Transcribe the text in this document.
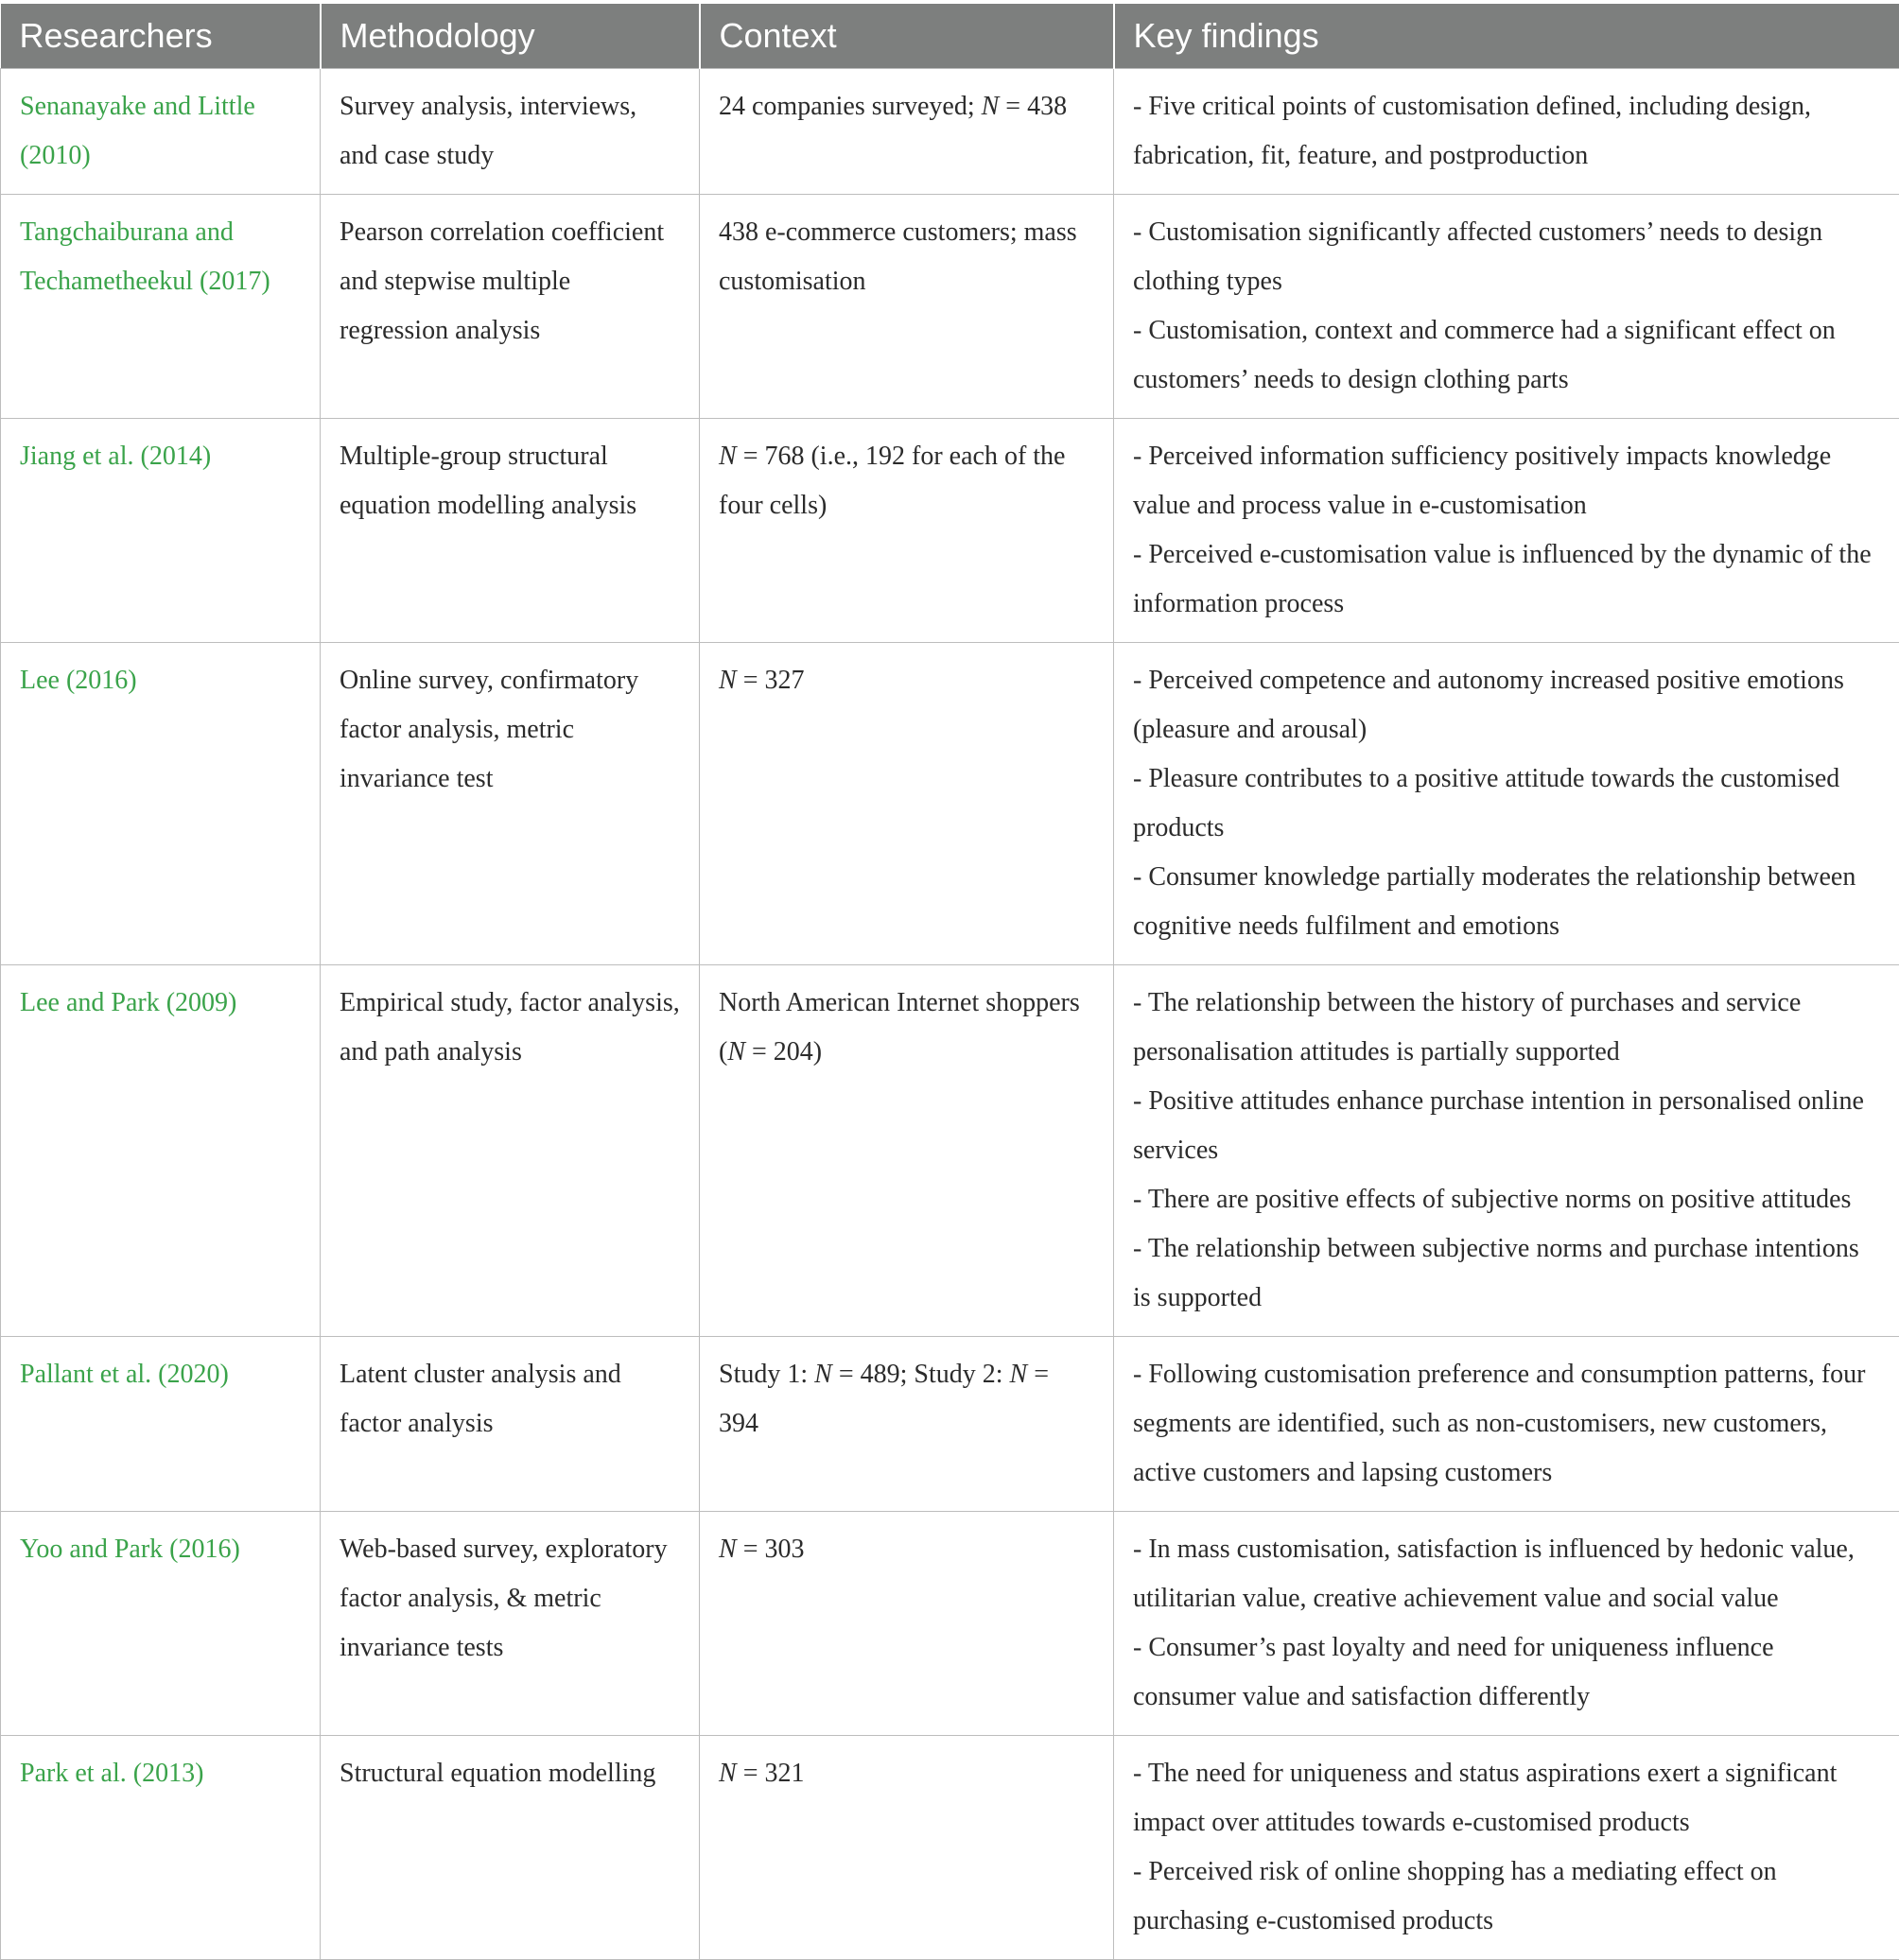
Researchers	Methodology	Context	Key findings
Senanayake and Little (2010)	Survey analysis, interviews, and case study	24 companies surveyed; N = 438	- Five critical points of customisation defined, including design, fabrication, fit, feature, and postproduction

Tangchaiburana and Techametheekul (2017)	Pearson correlation coefficient and stepwise multiple regression analysis	438 e-commerce customers; mass customisation	- Customisation significantly affected customers’ needs to design clothing types
- Customisation, context and commerce had a significant effect on customers’ needs to design clothing parts

Jiang et al. (2014)	Multiple-group structural equation modelling analysis	N = 768 (i.e., 192 for each of the four cells)	- Perceived information sufficiency positively impacts knowledge value and process value in e-customisation
- Perceived e-customisation value is influenced by the dynamic of the information process

Lee (2016)	Online survey, confirmatory factor analysis, metric invariance test	N = 327	- Perceived competence and autonomy increased positive emotions (pleasure and arousal)
- Pleasure contributes to a positive attitude towards the customised products
- Consumer knowledge partially moderates the relationship between cognitive needs fulfilment and emotions

Lee and Park (2009)	Empirical study, factor analysis, and path analysis	North American Internet shoppers (N = 204)	- The relationship between the history of purchases and service personalisation attitudes is partially supported
- Positive attitudes enhance purchase intention in personalised online services
- There are positive effects of subjective norms on positive attitudes
- The relationship between subjective norms and purchase intentions is supported

Pallant et al. (2020)	Latent cluster analysis and factor analysis	Study 1: N = 489; Study 2: N = 394	- Following customisation preference and consumption patterns, four segments are identified, such as non-customisers, new customers, active customers and lapsing customers

Yoo and Park (2016)	Web-based survey, exploratory factor analysis, & metric invariance tests	N = 303	- In mass customisation, satisfaction is influenced by hedonic value, utilitarian value, creative achievement value and social value
- Consumer’s past loyalty and need for uniqueness influence consumer value and satisfaction differently

Park et al. (2013)	Structural equation modelling	N = 321	- The need for uniqueness and status aspirations exert a significant impact over attitudes towards e-customised products
- Perceived risk of online shopping has a mediating effect on purchasing e-customised products
